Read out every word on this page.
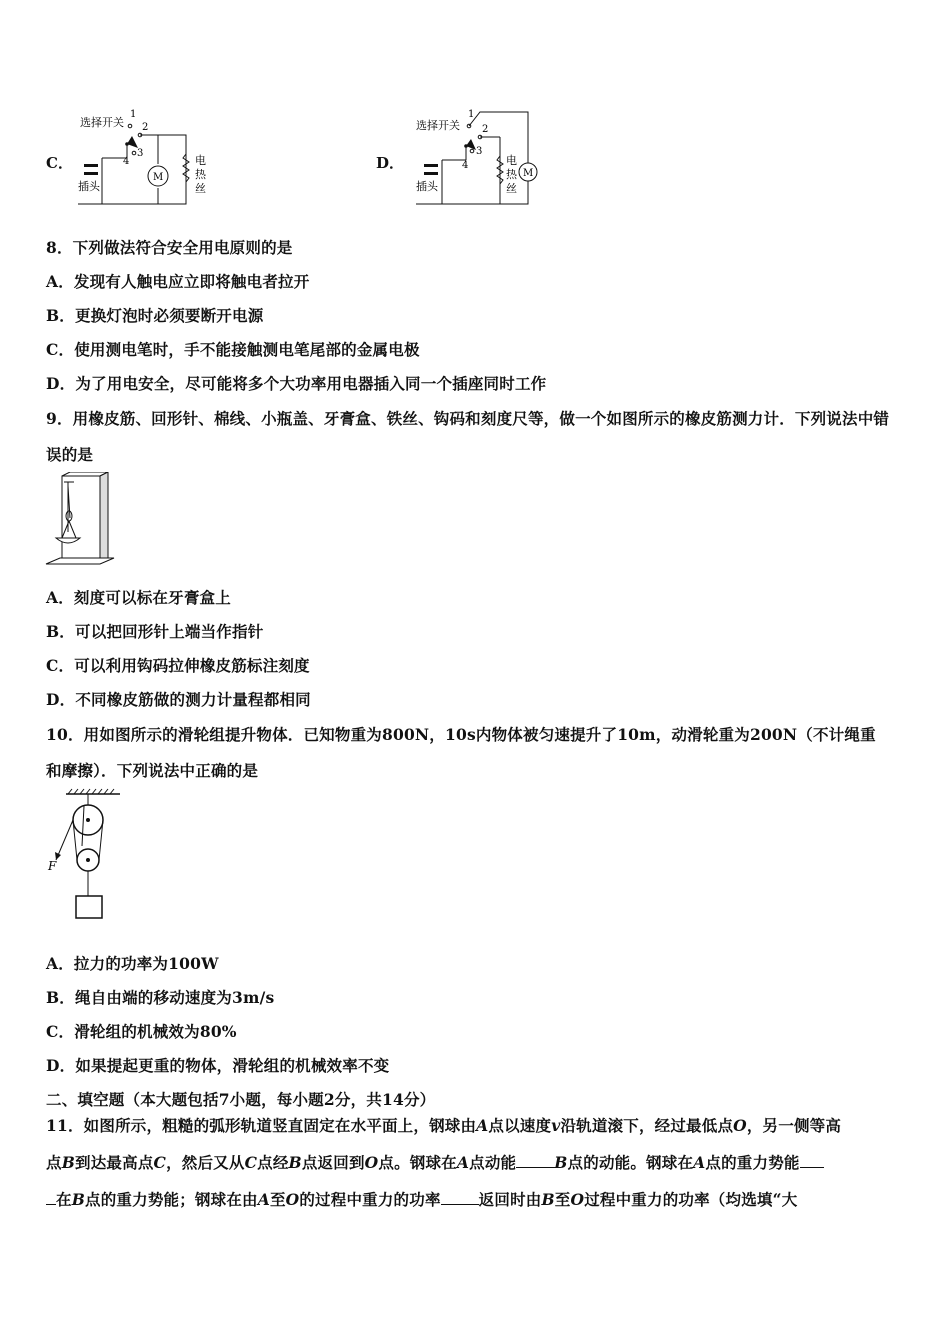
C．
选择开关
1
2
3
4
M
电
热
丝
插头
D．
选择开关
1
2
3
4	电
热
丝
M
插头
8．下列做法符合安全用电原则的是
A．发现有人触电应立即将触电者拉开
B．更换灯泡时必须要断开电源
C．使用测电笔时，手不能接触测电笔尾部的金属电极
D．为了用电安全，尽可能将多个大功率用电器插入同一个插座同时工作
9．用橡皮筋、回形针、棉线、小瓶盖、牙膏盒、铁丝、钩码和刻度尺等，做一个如图所示的橡皮筋测力计．下列说法中错
误的是
A．刻度可以标在牙膏盒上
B．可以把回形针上端当作指针
C．可以利用钩码拉伸橡皮筋标注刻度
D．不同橡皮筋做的测力计量程都相同
10．用如图所示的滑轮组提升物体．已知物重为800N，10s内物体被匀速提升了10m，动滑轮重为200N（不计绳重
和摩擦）．下列说法中正确的是
F
A．拉力的功率为100W
B．绳自由端的移动速度为3m/s
C．滑轮组的机械效为80%
D．如果提起更重的物体，滑轮组的机械效率不变
二、填空题（本大题包括7小题，每小题2分，共14分）
11．如图所示，粗糙的弧形轨道竖直固定在水平面上，钢球由A点以速度v沿轨道滚下，经过最低点O，另一侧等高
点B到达最高点C，然后又从C点经B点返回到O点。钢球在A点动能 B点的动能。钢球在A点的重力势能
在B点的重力势能；钢球在由A至O的过程中重力的功率 返回时由B至O过程中重力的功率（均选填“大
